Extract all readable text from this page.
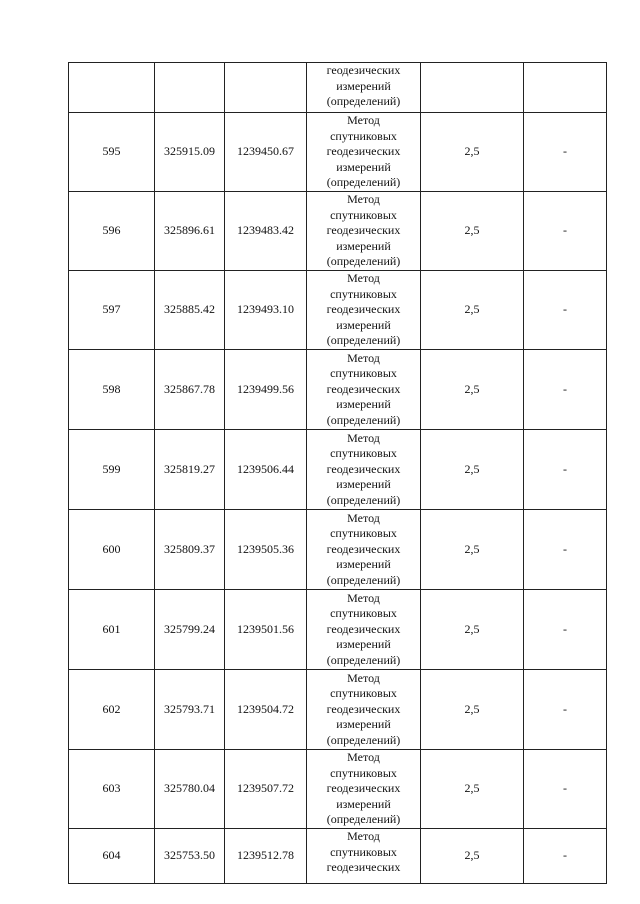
			геодезических
измерений
(определений)		

595	325915.09	1239450.67	Метод
спутниковых
геодезических
измерений
(определений)	2,5	-
596	325896.61	1239483.42	Метод
спутниковых
геодезических
измерений
(определений)	2,5	-
597	325885.42	1239493.10	Метод
спутниковых
геодезических
измерений
(определений)	2,5	-
598	325867.78	1239499.56	Метод
спутниковых
геодезических
измерений
(определений)	2,5	-
599	325819.27	1239506.44	Метод
спутниковых
геодезических
измерений
(определений)	2,5	-
600	325809.37	1239505.36	Метод
спутниковых
геодезических
измерений
(определений)	2,5	-
601	325799.24	1239501.56	Метод
спутниковых
геодезических
измерений
(определений)	2,5	-
602	325793.71	1239504.72	Метод
спутниковых
геодезических
измерений
(определений)	2,5	-
603	325780.04	1239507.72	Метод
спутниковых
геодезических
измерений
(определений)	2,5	-
604	325753.50	1239512.78	Метод
спутниковых
геодезических	2,5	-
